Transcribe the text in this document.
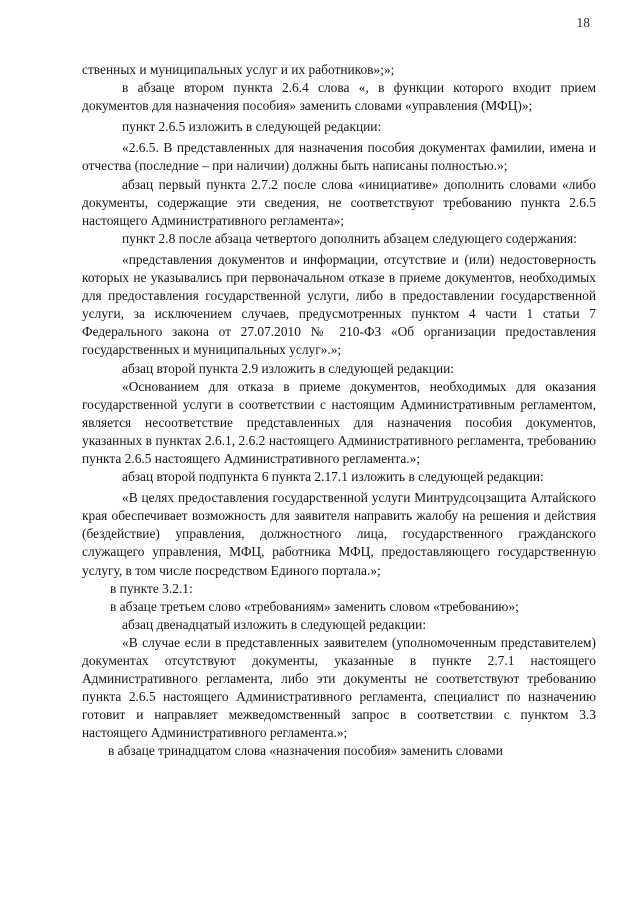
18

ственных и муниципальных услуг и их работников»;»;

в абзаце втором пункта 2.6.4 слова «, в функции которого входит прием документов для назначения пособия» заменить словами «управления (МФЦ)»;

пункт 2.6.5 изложить в следующей редакции:

«2.6.5. В представленных для назначения пособия документах фамилии, имена и отчества (последние – при наличии) должны быть написаны полностью.»;

абзац первый пункта 2.7.2 после слова «инициативе» дополнить словами «либо документы, содержащие эти сведения, не соответствуют требованию пункта 2.6.5 настоящего Административного регламента»;

пункт 2.8 после абзаца четвертого дополнить абзацем следующего содержания:

«представления документов и информации, отсутствие и (или) недостоверность которых не указывались при первоначальном отказе в приеме документов, необходимых для предоставления государственной услуги, либо в предоставлении государственной услуги, за исключением случаев, предусмотренных пунктом 4 части 1 статьи 7 Федерального закона от 27.07.2010 № 210-ФЗ «Об организации предоставления государственных и муниципальных услуг».»;

абзац второй пункта 2.9 изложить в следующей редакции:

«Основанием для отказа в приеме документов, необходимых для оказания государственной услуги в соответствии с настоящим Административным регламентом, является несоответствие представленных для назначения пособия документов, указанных в пунктах 2.6.1, 2.6.2 настоящего Административного регламента, требованию пункта 2.6.5 настоящего Административного регламента.»;

абзац второй подпункта 6 пункта 2.17.1 изложить в следующей редакции:

«В целях предоставления государственной услуги Минтрудсоцзащита Алтайского края обеспечивает возможность для заявителя направить жалобу на решения и действия (бездействие) управления, должностного лица, государственного гражданского служащего управления, МФЦ, работника МФЦ, предоставляющего государственную услугу, в том числе посредством Единого портала.»;

в пункте 3.2.1:

в абзаце третьем слово «требованиям» заменить словом «требованию»;

абзац двенадцатый изложить в следующей редакции:

«В случае если в представленных заявителем (уполномоченным представителем) документах отсутствуют документы, указанные в пункте 2.7.1 настоящего Административного регламента, либо эти документы не соответствуют требованию пункта 2.6.5 настоящего Административного регламента, специалист по назначению готовит и направляет межведомственный запрос в соответствии с пунктом 3.3 настоящего Административного регламента.»;

в абзаце тринадцатом слова «назначения пособия» заменить словами
